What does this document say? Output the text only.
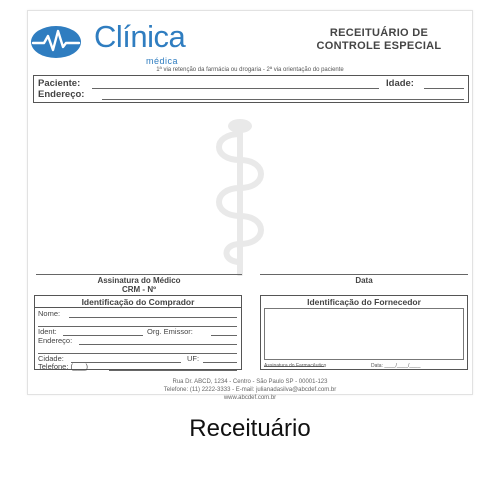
Clínica
médica
RECEITUÁRIO DE
CONTROLE ESPECIAL
1ª via retenção da farmácia ou drogaria - 2ª via orientação do paciente
Paciente:	Idade:
Endereço:
Assinatura do Médico
CRM - Nº
Data
Identificação do Comprador
Nome:
Ident:	Org. Emissor:
Endereço:
Cidade:	UF:
Telefone: (___)
Identificação do Fornecedor
Assinatura do Farmacêutico	Data: ____/____/____
Rua Dr. ABCD, 1234 - Centro - São Paulo SP - 00001-123
Telefone: (11) 2222-3333 - E-mail: julianadasilva@abcdef.com.br
www.abcdef.com.br
Receituário
